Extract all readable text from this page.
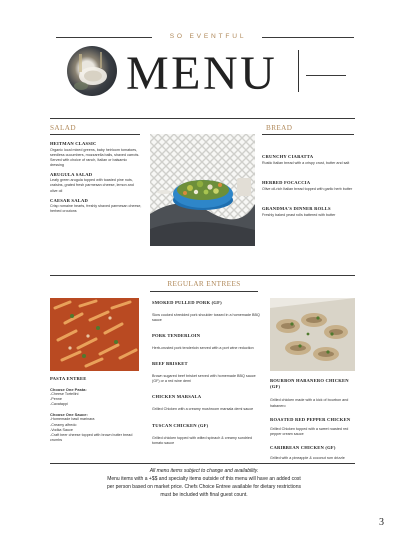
SO EVENTFUL
MENU
SALAD
HEITMAN CLASSIC
Organic local mixed greens, baby heirloom tomatoes, seedless cucumbers, mozzarella balls, shaved carrots. Served with choice of ranch, Italian or balsamic dressing
ARUGULA SALAD
Leafy green arugula topped with toasted pine nuts, craisins, grated fresh parmesan cheese, lemon and olive oil
CAESAR SALAD
Crisp romaine hearts, freshly shaved parmesan cheese, herbed croutons
BREAD
CRUNCHY CIABATTA
Rustic Italian bread with a crispy crust, butter and salt
HERBED FOCACCIA
Olive oil-rich Italian bread topped with garlic herb butter
GRANDMA'S DINNER ROLLS
Freshly baked yeast rolls battered with butter
REGULAR ENTREES
PASTA ENTREE
Choose One Pasta:
-Cheese Tortellini
-Penne
-Cavatappi
Choose One Sauce:
-Homemade basil marinara
-Creamy alfredo
-Vodka Sauce
-Craft beer cheese topped with brown butter bread crumbs
SMOKED PULLED PORK (GF)
Slow cooked shredded pork shoulder tossed in a homemade BBQ sauce
PORK TENDERLOIN
Herb-crusted pork tenderloin served with a port wine reduction
BEEF BRISKET
Brown sugared beef brisket served with homemade BBQ sauce (GF) or a red wine demi
CHICKEN MARSALA
Grilled Chicken with a creamy mushroom marsala demi sauce
TUSCAN CHICKEN (GF)
Grilled chicken topped with wilted spinach & creamy sundried tomato sauce
BOURBON HABANERO CHICKEN (GF)
Grilled chicken made with a kick of bourbon and habanero
ROASTED RED PEPPER CHICKEN
Grilled Chicken topped with a sweet roasted red pepper cream sauce
CARIBBEAN CHICKEN (GF)
Grilled with a pineapple & coconut rum drizzle
All menu items subject to change and availability.
Menu items with a +$$ and specialty items outside of this menu will have an added cost
per person based on market price. Chefs Choice Entree available for dietary restrictions
must be included with final guest count.
3
